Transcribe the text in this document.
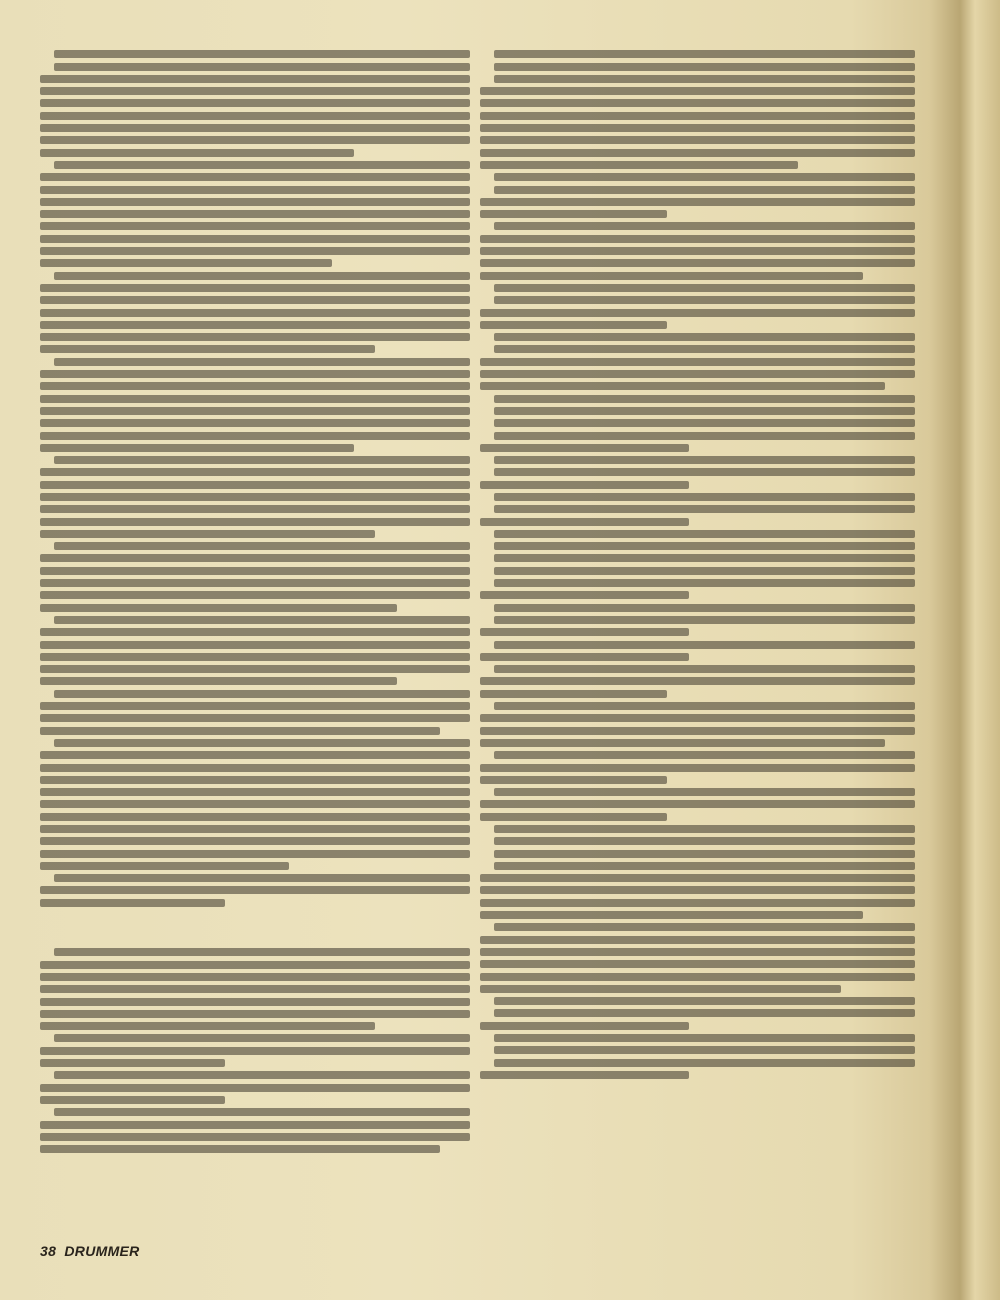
38 DRUMMER
